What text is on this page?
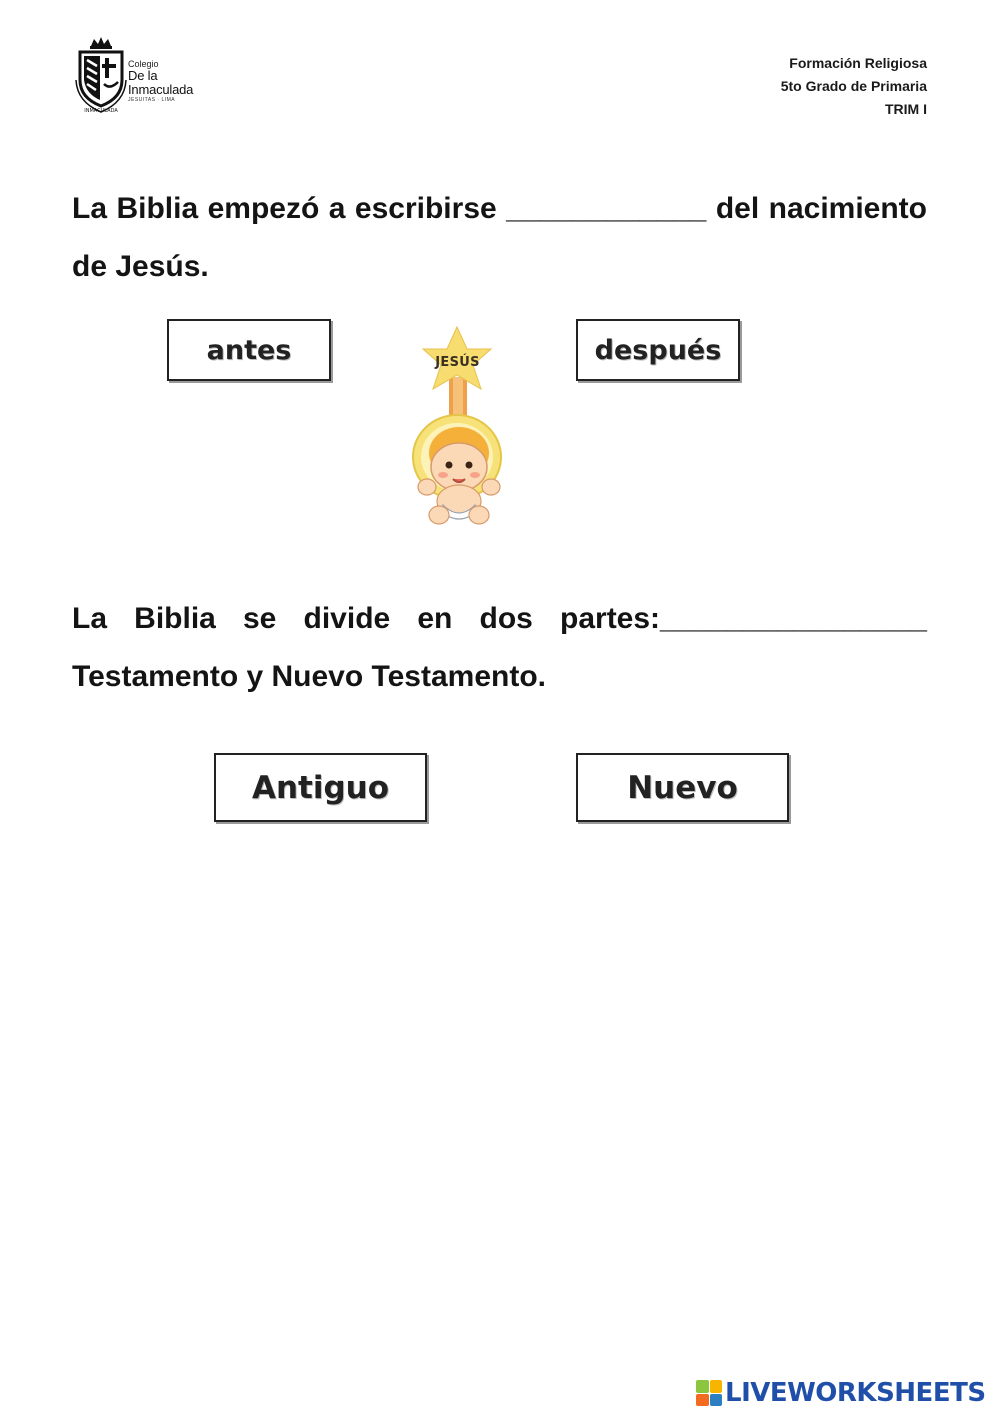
INMACULADA
Colegio
De la Inmaculada
JESUITAS · LIMA
Formación Religiosa
5to Grado de Primaria
TRIM I

La Biblia empezó a escribirse ____________ del nacimiento de Jesús.

antes	JESÚS	después

La Biblia se divide en dos partes:________________ Testamento y Nuevo Testamento.

Antiguo	Nuevo
LIVEWORKSHEETS
